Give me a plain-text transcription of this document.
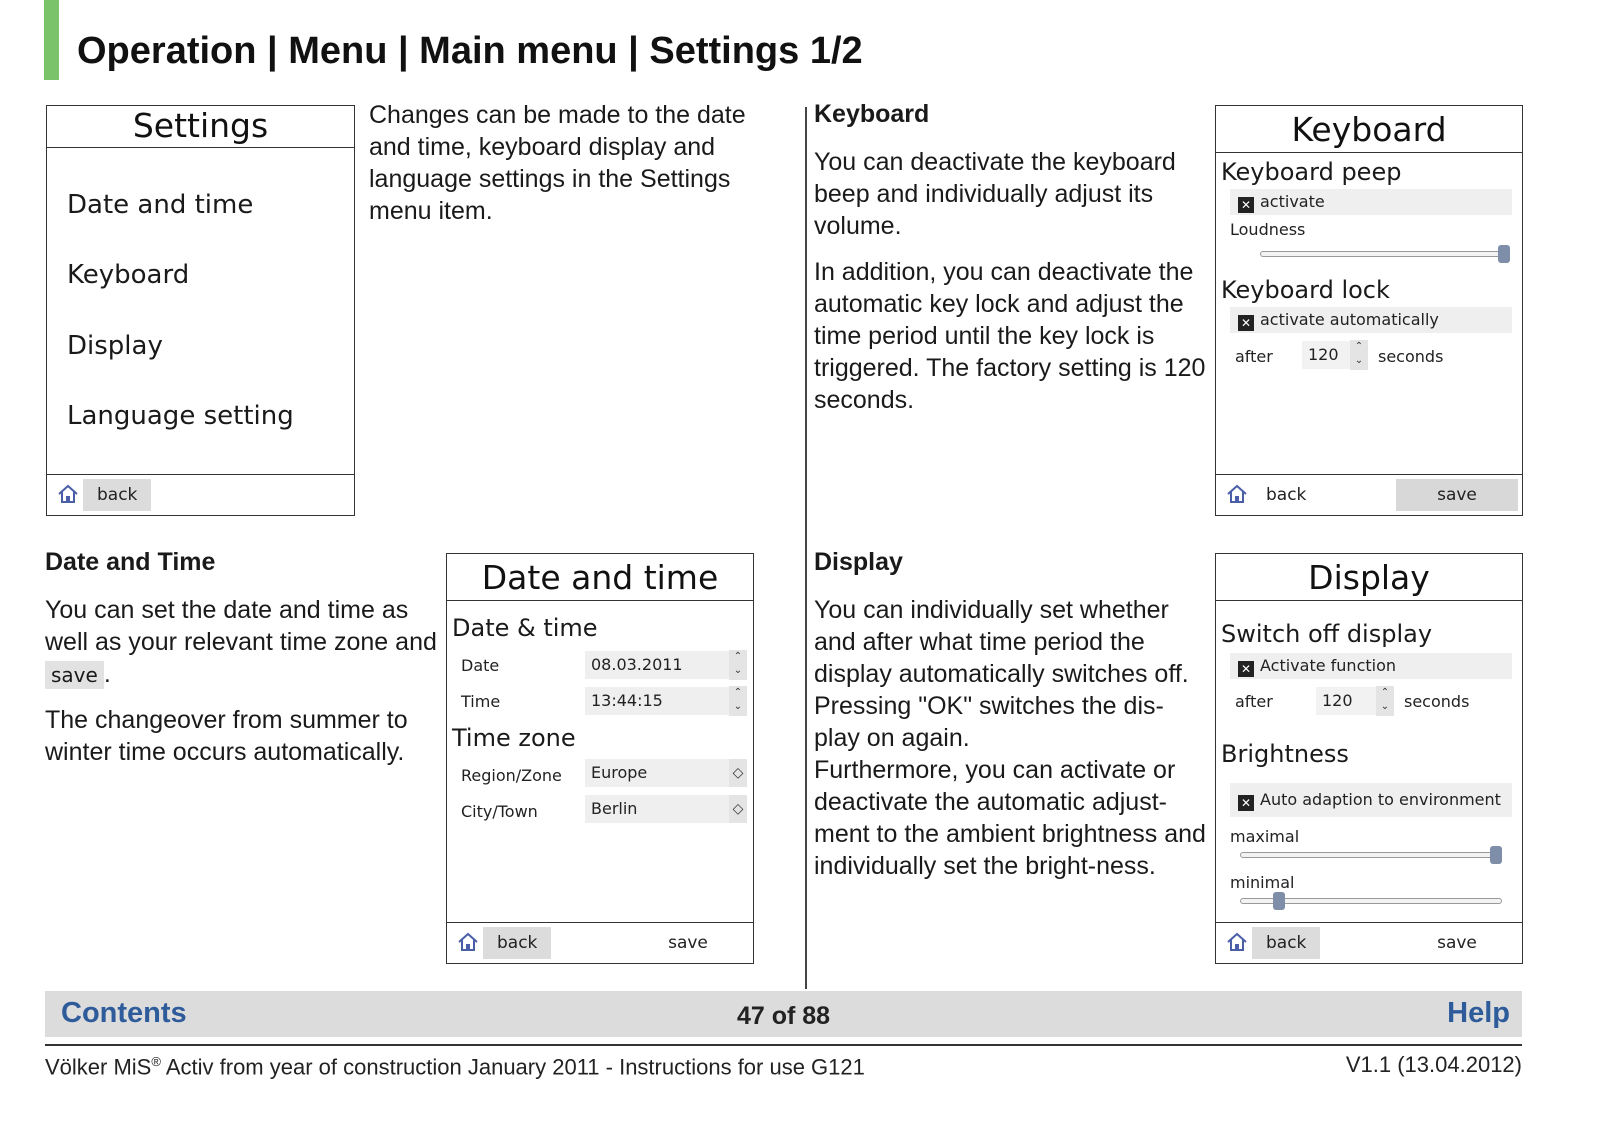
Operation | Menu | Main menu | Settings 1/2
Settings
Date and time
Keyboard
Display
Language setting
back
Changes can be made to the date and time, keyboard display and language settings in the Settings menu item.
Keyboard

You can deactivate the keyboard beep and individually adjust its volume.

In addition, you can deactivate the automatic key lock and adjust the time period until the key lock is triggered. The factory setting is 120 seconds.

Keyboard
Keyboard peep
✕ activate
Loudness
Keyboard lock
✕ activate automatically
after	120	⌃
⌄ seconds
back	save
Date and Time

You can set the date and time as well as your relevant time zone and save .

The changeover from summer to winter time occurs automatically.

Date and time
Date & time
Date	08.03.2011	⌃
⌄
Time	13:44:15	⌃
⌄
Time zone
Region/Zone	Europe	◇
City/Town	Berlin	◇
back	save
Display
You can individually set whether and after what time period the display automatically switches off.
Pressing "OK" switches the dis-play on again.
Furthermore, you can activate or deactivate the automatic adjust-ment to the ambient brightness and individually set the bright-ness.
Display
Switch off display
✕ Activate function
after	120	⌃
⌄ seconds
Brightness
✕ Auto adaption to environment
maximal
minimal
back	save
47 of 88
Contents	Help
Völker MiS® Activ from year of construction January 2011 - Instructions for use G121	V1.1 (13.04.2012)
